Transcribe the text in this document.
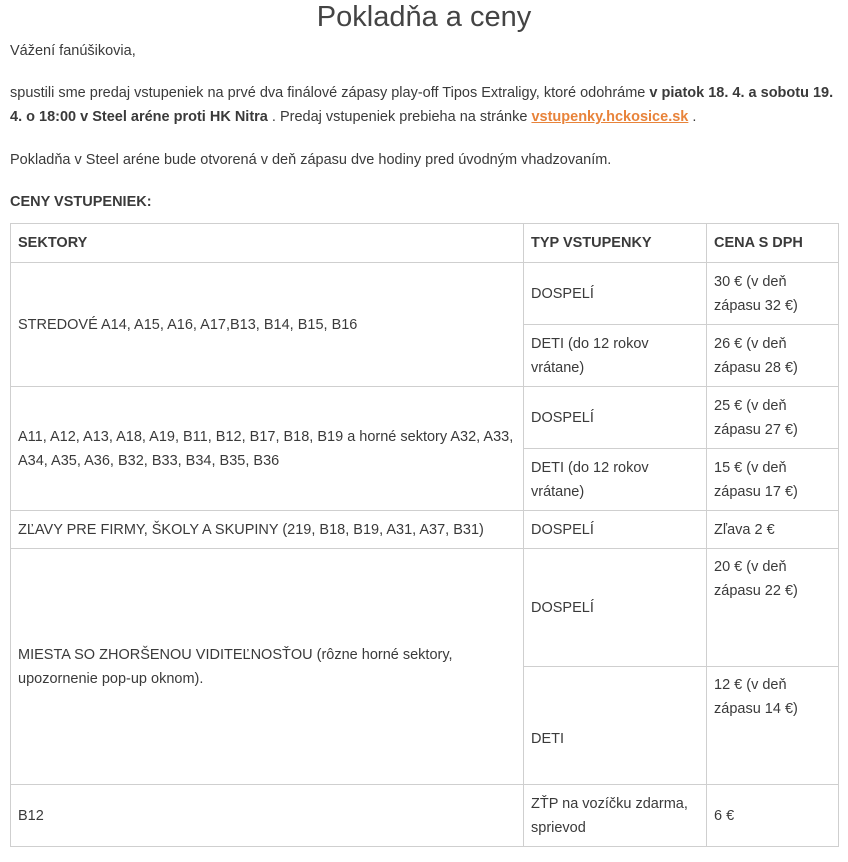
Pokladňa a ceny

Vážení fanúšikovia,

spustili sme predaj vstupeniek na prvé dva finálové zápasy play-off Tipos Extraligy, ktoré odohráme v piatok 18. 4. a sobotu 19. 4. o 18:00 v Steel aréne proti HK Nitra . Predaj vstupeniek prebieha na stránke vstupenky.hckosice.sk .

Pokladňa v Steel aréne bude otvorená v deň zápasu dve hodiny pred úvodným vhadzovaním.

CENY VSTUPENIEK:

SEKTORY	TYP VSTUPENKY	CENA S DPH
STREDOVÉ A14, A15, A16, A17,B13, B14, B15, B16	DOSPELÍ	30 € (v deň zápasu 32 €)
	DETI (do 12 rokov vrátane)	26 € (v deň zápasu 28 €)
A11, A12, A13, A18, A19, B11, B12, B17, B18, B19 a horné sektory A32, A33, A34, A35, A36, B32, B33, B34, B35, B36	DOSPELÍ	25 € (v deň zápasu 27 €)
	DETI (do 12 rokov vrátane)	15 € (v deň zápasu 17 €)
ZĽAVY PRE FIRMY, ŠKOLY A SKUPINY (219, B18, B19, A31, A37, B31)	DOSPELÍ	Zľava 2 €
MIESTA SO ZHORŠENOU VIDITEĽNOSŤOU (rôzne horné sektory, upozornenie pop-up oknom).	DOSPELÍ	20 € (v deň zápasu 22 €)
	DETI	12 € (v deň zápasu 14 €)
B12	ZŤP na vozíčku zdarma, sprievod	6 €
